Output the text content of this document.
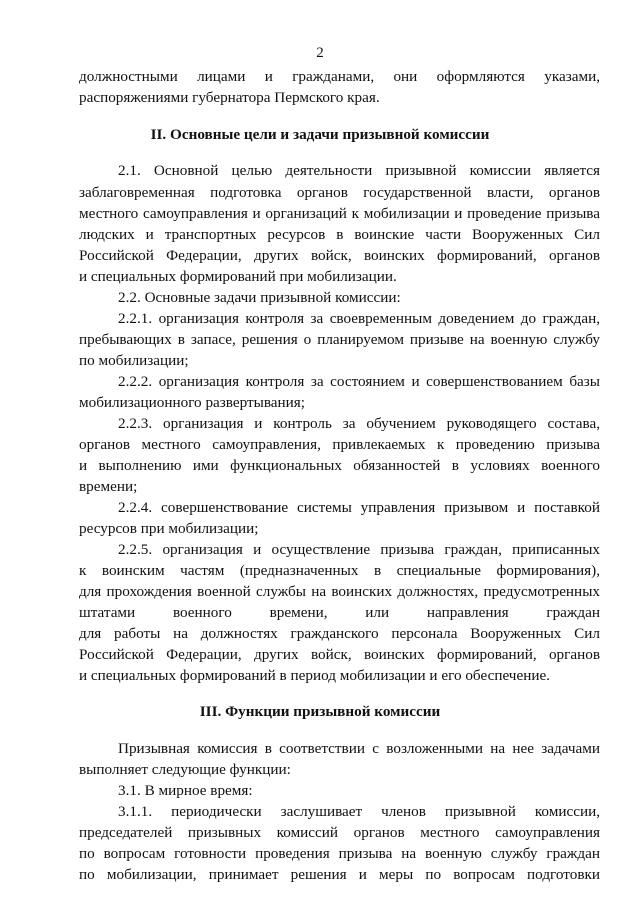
2
должностными лицами и гражданами, они оформляются указами,
распоряжениями губернатора Пермского края.
II. Основные цели и задачи призывной комиссии
2.1. Основной целью деятельности призывной комиссии является
заблаговременная подготовка органов государственной власти, органов
местного самоуправления и организаций к мобилизации и проведение призыва
людских и транспортных ресурсов в воинские части Вооруженных Сил
Российской Федерации, других войск, воинских формирований, органов
и специальных формирований при мобилизации.
2.2. Основные задачи призывной комиссии:
2.2.1. организация контроля за своевременным доведением до граждан,
пребывающих в запасе, решения о планируемом призыве на военную службу
по мобилизации;
2.2.2. организация контроля за состоянием и совершенствованием базы
мобилизационного развертывания;
2.2.3. организация и контроль за обучением руководящего состава,
органов местного самоуправления, привлекаемых к проведению призыва
и выполнению ими функциональных обязанностей в условиях военного
времени;
2.2.4. совершенствование системы управления призывом и поставкой
ресурсов при мобилизации;
2.2.5. организация и осуществление призыва граждан, приписанных
к воинским частям (предназначенных в специальные формирования),
для прохождения военной службы на воинских должностях, предусмотренных
штатами военного времени, или направления граждан
для работы на должностях гражданского персонала Вооруженных Сил
Российской Федерации, других войск, воинских формирований, органов
и специальных формирований в период мобилизации и его обеспечение.
III. Функции призывной комиссии
Призывная комиссия в соответствии с возложенными на нее задачами
выполняет следующие функции:
3.1. В мирное время:
3.1.1. периодически заслушивает членов призывной комиссии,
председателей призывных комиссий органов местного самоуправления
по вопросам готовности проведения призыва на военную службу граждан
по мобилизации, принимает решения и меры по вопросам подготовки
